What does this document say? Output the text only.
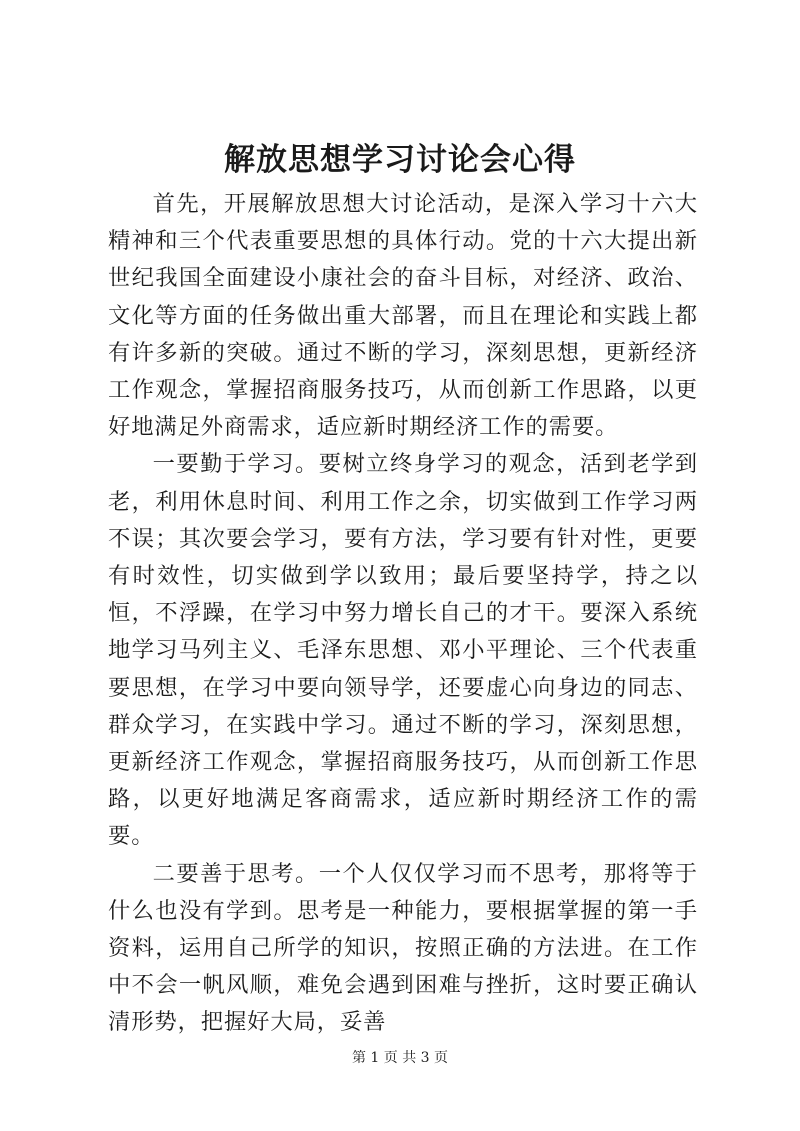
解放思想学习讨论会心得

首先，开展解放思想大讨论活动，是深入学习十六大精神和三个代表重要思想的具体行动。党的十六大提出新世纪我国全面建设小康社会的奋斗目标，对经济、政治、文化等方面的任务做出重大部署，而且在理论和实践上都有许多新的突破。通过不断的学习，深刻思想，更新经济工作观念，掌握招商服务技巧，从而创新工作思路，以更好地满足外商需求，适应新时期经济工作的需要。

一要勤于学习。要树立终身学习的观念，活到老学到老，利用休息时间、利用工作之余，切实做到工作学习两不误；其次要会学习，要有方法，学习要有针对性，更要有时效性，切实做到学以致用；最后要坚持学，持之以恒，不浮躁，在学习中努力增长自己的才干。要深入系统地学习马列主义、毛泽东思想、邓小平理论、三个代表重要思想，在学习中要向领导学，还要虚心向身边的同志、群众学习，在实践中学习。通过不断的学习，深刻思想，更新经济工作观念，掌握招商服务技巧，从而创新工作思路，以更好地满足客商需求，适应新时期经济工作的需要。

二要善于思考。一个人仅仅学习而不思考，那将等于什么也没有学到。思考是一种能力，要根据掌握的第一手资料，运用自己所学的知识，按照正确的方法进。在工作中不会一帆风顺，难免会遇到困难与挫折，这时要正确认清形势，把握好大局，妥善

第 1 页 共 3 页
